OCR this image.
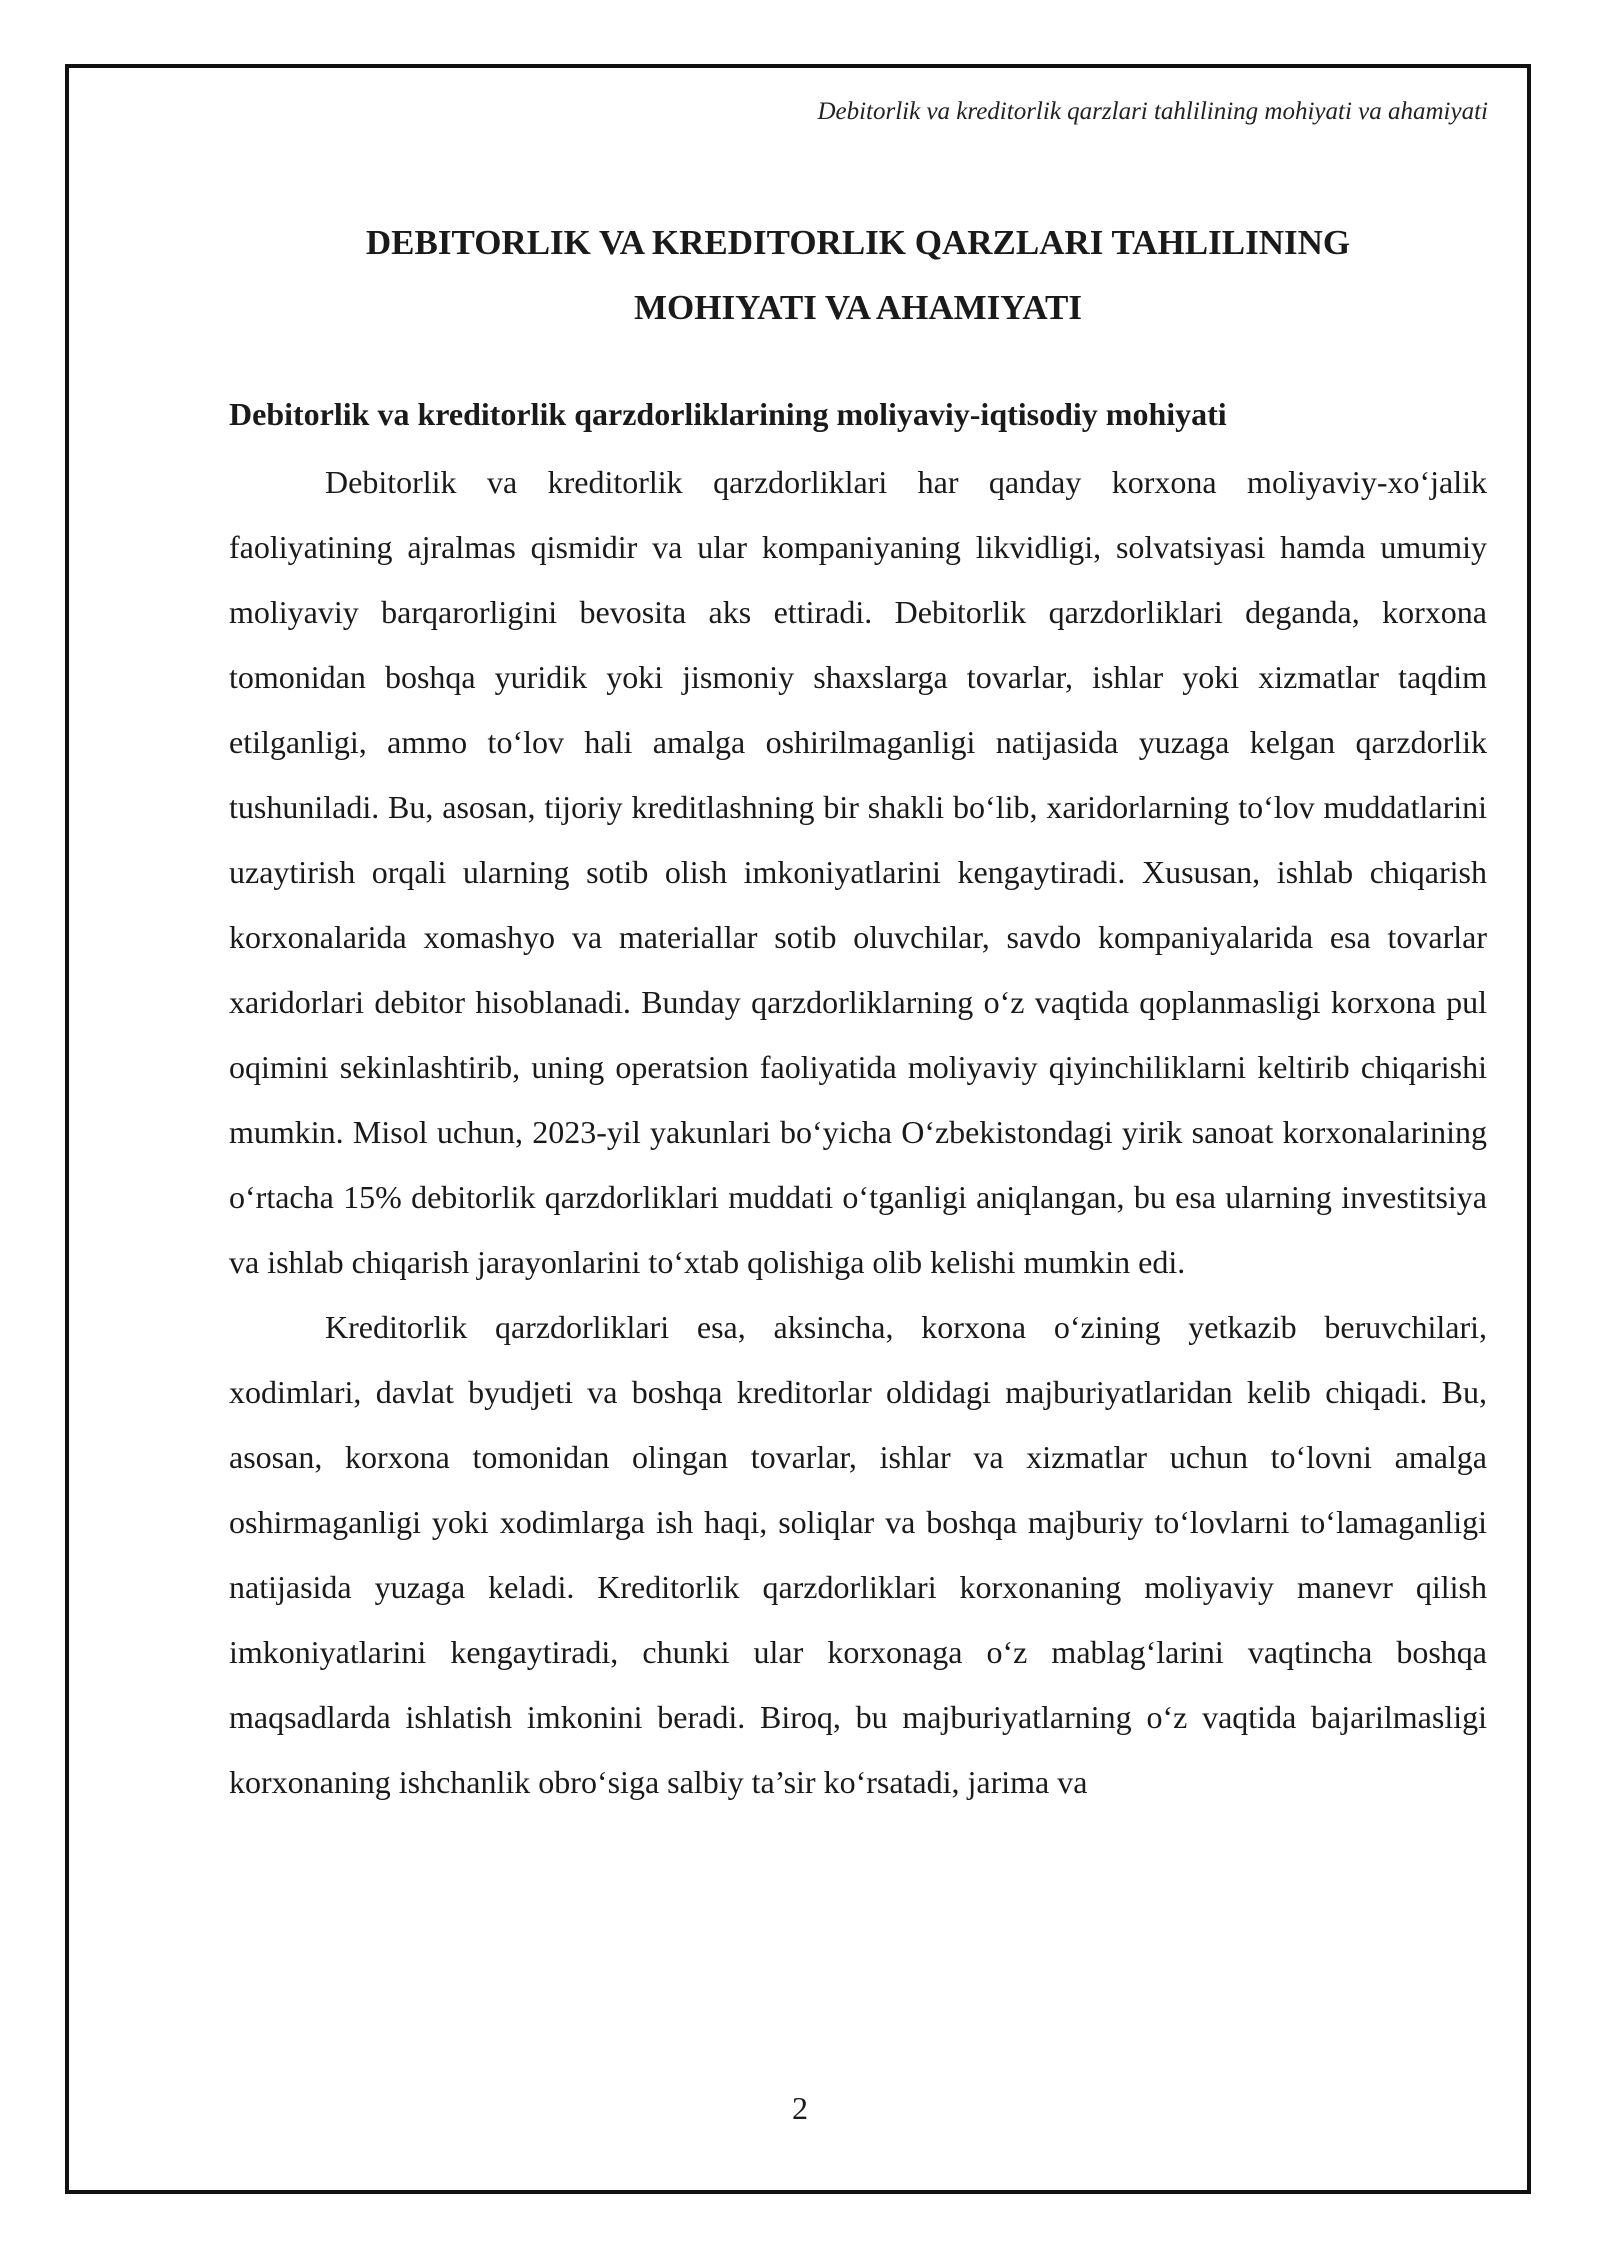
Debitorlik va kreditorlik qarzlari tahlilining mohiyati va ahamiyati
DEBITORLIK VA KREDITORLIK QARZLARI TAHLILINING
MOHIYATI VA AHAMIYATI
Debitorlik va kreditorlik qarzdorliklarining moliyaviy-iqtisodiy mohiyati

Debitorlik va kreditorlik qarzdorliklari har qanday korxona moliyaviy-xo‘jalik faoliyatining ajralmas qismidir va ular kompaniyaning likvidligi, solvatsiyasi hamda umumiy moliyaviy barqarorligini bevosita aks ettiradi. Debitorlik qarzdorliklari deganda, korxona tomonidan boshqa yuridik yoki jismoniy shaxslarga tovarlar, ishlar yoki xizmatlar taqdim etilganligi, ammo to‘lov hali amalga oshirilmaganligi natijasida yuzaga kelgan qarzdorlik tushuniladi. Bu, asosan, tijoriy kreditlashning bir shakli bo‘lib, xaridorlarning to‘lov muddatlarini uzaytirish orqali ularning sotib olish imkoniyatlarini kengaytiradi. Xususan, ishlab chiqarish korxonalarida xomashyo va materiallar sotib oluvchilar, savdo kompaniyalarida esa tovarlar xaridorlari debitor hisoblanadi. Bunday qarzdorliklarning o‘z vaqtida qoplanmasligi korxona pul oqimini sekinlashtirib, uning operatsion faoliyatida moliyaviy qiyinchiliklarni keltirib chiqarishi mumkin. Misol uchun, 2023-yil yakunlari bo‘yicha O‘zbekistondagi yirik sanoat korxonalarining o‘rtacha 15% debitorlik qarzdorliklari muddati o‘tganligi aniqlangan, bu esa ularning investitsiya va ishlab chiqarish jarayonlarini to‘xtab qolishiga olib kelishi mumkin edi.

Kreditorlik qarzdorliklari esa, aksincha, korxona o‘zining yetkazib beruvchilari, xodimlari, davlat byudjeti va boshqa kreditorlar oldidagi majburiyatlaridan kelib chiqadi. Bu, asosan, korxona tomonidan olingan tovarlar, ishlar va xizmatlar uchun to‘lovni amalga oshirmaganligi yoki xodimlarga ish haqi, soliqlar va boshqa majburiy to‘lovlarni to‘lamaganligi natijasida yuzaga keladi. Kreditorlik qarzdorliklari korxonaning moliyaviy manevr qilish imkoniyatlarini kengaytiradi, chunki ular korxonaga o‘z mablag‘larini vaqtincha boshqa maqsadlarda ishlatish imkonini beradi. Biroq, bu majburiyatlarning o‘z vaqtida bajarilmasligi korxonaning ishchanlik obro‘siga salbiy ta’sir ko‘rsatadi, jarima va

2
